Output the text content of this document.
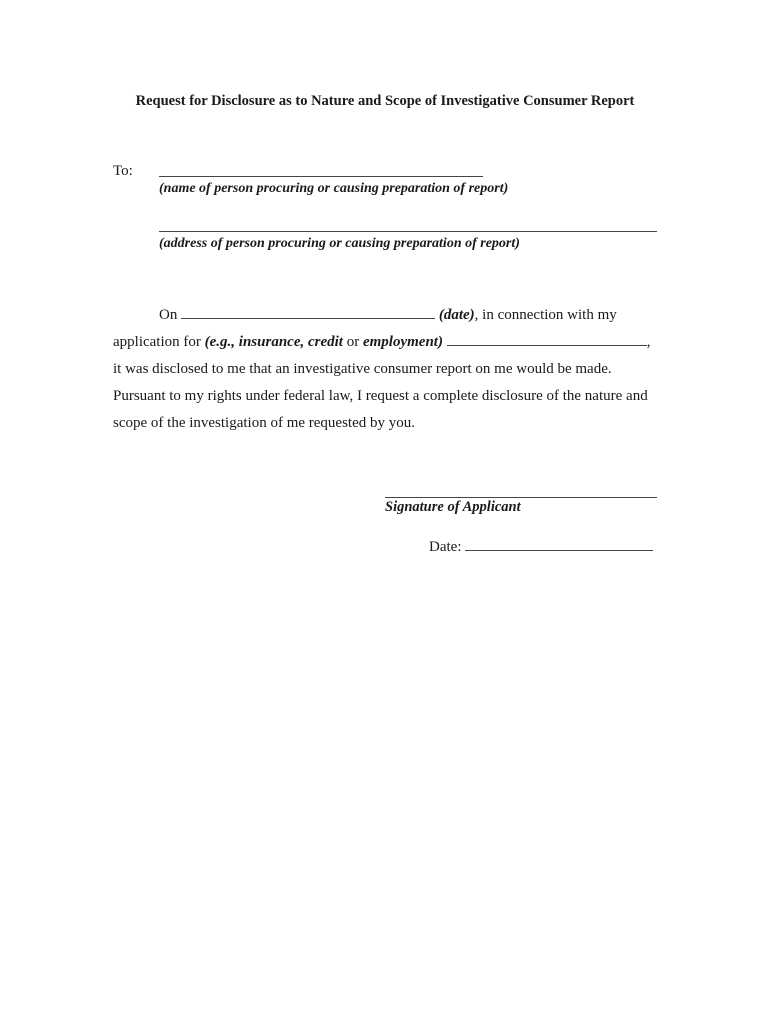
Request for Disclosure as to Nature and Scope of Investigative Consumer Report
To:
(name of person procuring or causing preparation of report)
(address of person procuring or causing preparation of report)
On	(date), in connection with my
application for (e.g., insurance, credit or employment)	,
it was disclosed to me that an investigative consumer report on me would be made.
Pursuant to my rights under federal law, I request a complete disclosure of the nature and
scope of the investigation of me requested by you.
Signature of Applicant
Date:
